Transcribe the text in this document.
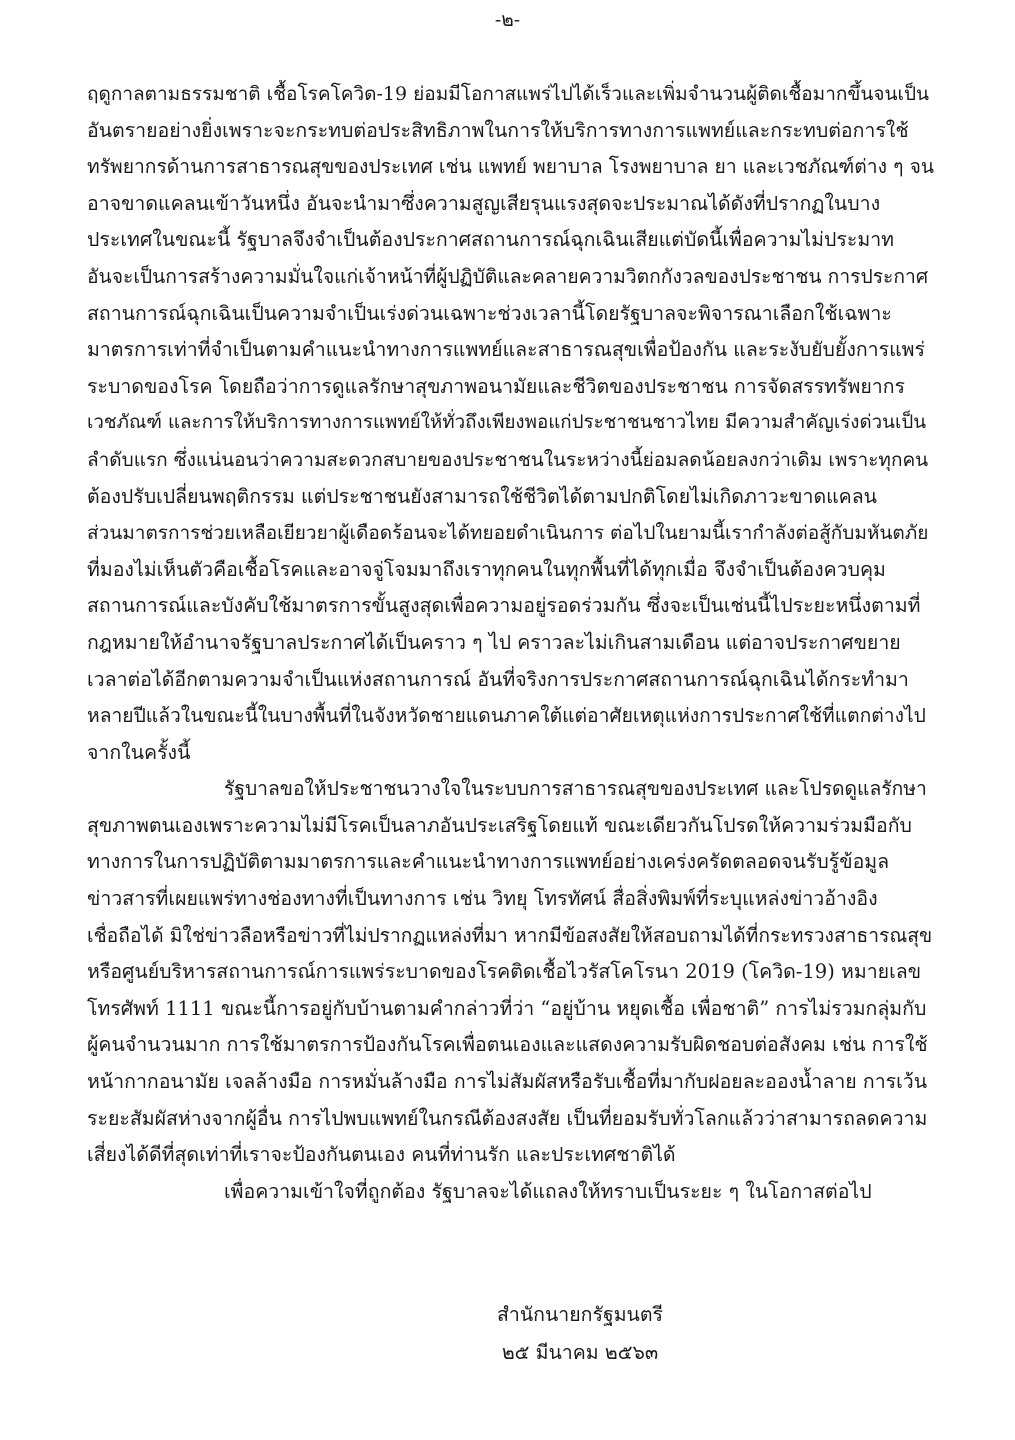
-๒-
ฤดูกาลตามธรรมชาติ เชื้อโรคโควิด-19 ย่อมมีโอกาสแพร่ไปได้เร็วและเพิ่มจำนวนผู้ติดเชื้อมากขึ้นจนเป็น
อันตรายอย่างยิ่งเพราะจะกระทบต่อประสิทธิภาพในการให้บริการทางการแพทย์และกระทบต่อการใช้
ทรัพยากรด้านการสาธารณสุขของประเทศ เช่น แพทย์ พยาบาล โรงพยาบาล ยา และเวชภัณฑ์ต่าง ๆ จน
อาจขาดแคลนเข้าวันหนึ่ง อันจะนำมาซึ่งความสูญเสียรุนแรงสุดจะประมาณได้ดังที่ปรากฏในบาง
ประเทศในขณะนี้ รัฐบาลจึงจำเป็นต้องประกาศสถานการณ์ฉุกเฉินเสียแต่บัดนี้เพื่อความไม่ประมาท
อันจะเป็นการสร้างความมั่นใจแก่เจ้าหน้าที่ผู้ปฏิบัติและคลายความวิตกกังวลของประชาชน การประกาศ
สถานการณ์ฉุกเฉินเป็นความจำเป็นเร่งด่วนเฉพาะช่วงเวลานี้โดยรัฐบาลจะพิจารณาเลือกใช้เฉพาะ
มาตรการเท่าที่จำเป็นตามคำแนะนำทางการแพทย์และสาธารณสุขเพื่อป้องกัน และระงับยับยั้งการแพร่
ระบาดของโรค โดยถือว่าการดูแลรักษาสุขภาพอนามัยและชีวิตของประชาชน การจัดสรรทรัพยากร
เวชภัณฑ์ และการให้บริการทางการแพทย์ให้ทั่วถึงเพียงพอแก่ประชาชนชาวไทย มีความสำคัญเร่งด่วนเป็น
ลำดับแรก ซึ่งแน่นอนว่าความสะดวกสบายของประชาชนในระหว่างนี้ย่อมลดน้อยลงกว่าเดิม เพราะทุกคน
ต้องปรับเปลี่ยนพฤติกรรม แต่ประชาชนยังสามารถใช้ชีวิตได้ตามปกติโดยไม่เกิดภาวะขาดแคลน
ส่วนมาตรการช่วยเหลือเยียวยาผู้เดือดร้อนจะได้ทยอยดำเนินการ ต่อไปในยามนี้เรากำลังต่อสู้กับมหันตภัย
ที่มองไม่เห็นตัวคือเชื้อโรคและอาจจู่โจมมาถึงเราทุกคนในทุกพื้นที่ได้ทุกเมื่อ จึงจำเป็นต้องควบคุม
สถานการณ์และบังคับใช้มาตรการขั้นสูงสุดเพื่อความอยู่รอดร่วมกัน ซึ่งจะเป็นเช่นนี้ไประยะหนึ่งตามที่
กฎหมายให้อำนาจรัฐบาลประกาศได้เป็นคราว ๆ ไป คราวละไม่เกินสามเดือน แต่อาจประกาศขยาย
เวลาต่อได้อีกตามความจำเป็นแห่งสถานการณ์ อันที่จริงการประกาศสถานการณ์ฉุกเฉินได้กระทำมา
หลายปีแล้วในขณะนี้ในบางพื้นที่ในจังหวัดชายแดนภาคใต้แต่อาศัยเหตุแห่งการประกาศใช้ที่แตกต่างไป
จากในครั้งนี้
รัฐบาลขอให้ประชาชนวางใจในระบบการสาธารณสุขของประเทศ และโปรดดูแลรักษา
สุขภาพตนเองเพราะความไม่มีโรคเป็นลาภอันประเสริฐโดยแท้ ขณะเดียวกันโปรดให้ความร่วมมือกับ
ทางการในการปฏิบัติตามมาตรการและคำแนะนำทางการแพทย์อย่างเคร่งครัดตลอดจนรับรู้ข้อมูล
ข่าวสารที่เผยแพร่ทางช่องทางที่เป็นทางการ เช่น วิทยุ โทรทัศน์ สื่อสิ่งพิมพ์ที่ระบุแหล่งข่าวอ้างอิง
เชื่อถือได้ มิใช่ข่าวลือหรือข่าวที่ไม่ปรากฏแหล่งที่มา หากมีข้อสงสัยให้สอบถามได้ที่กระทรวงสาธารณสุข
หรือศูนย์บริหารสถานการณ์การแพร่ระบาดของโรคติดเชื้อไวรัสโคโรนา 2019 (โควิด-19) หมายเลข
โทรศัพท์ 1111 ขณะนี้การอยู่กับบ้านตามคำกล่าวที่ว่า “อยู่บ้าน หยุดเชื้อ เพื่อชาติ” การไม่รวมกลุ่มกับ
ผู้คนจำนวนมาก การใช้มาตรการป้องกันโรคเพื่อตนเองและแสดงความรับผิดชอบต่อสังคม เช่น การใช้
หน้ากากอนามัย เจลล้างมือ การหมั่นล้างมือ การไม่สัมผัสหรือรับเชื้อที่มากับฝอยละอองน้ำลาย การเว้น
ระยะสัมผัสห่างจากผู้อื่น การไปพบแพทย์ในกรณีต้องสงสัย เป็นที่ยอมรับทั่วโลกแล้วว่าสามารถลดความ
เสี่ยงได้ดีที่สุดเท่าที่เราจะป้องกันตนเอง คนที่ท่านรัก และประเทศชาติได้
เพื่อความเข้าใจที่ถูกต้อง รัฐบาลจะได้แถลงให้ทราบเป็นระยะ ๆ ในโอกาสต่อไป
สำนักนายกรัฐมนตรี
๒๕ มีนาคม ๒๕๖๓
